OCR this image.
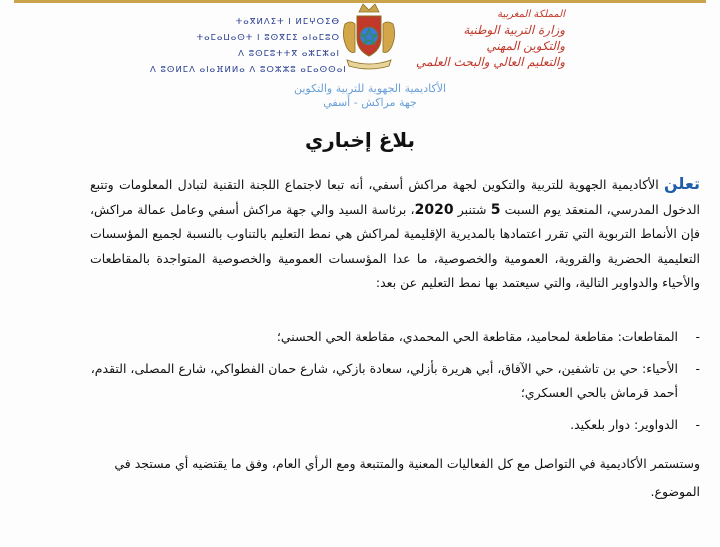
ⵜⴰⴳⵍⴷⵉⵜ ⵏ ⵍⵎⵖⵔⵉⴱ
ⵜⴰⵎⴰⵡⴰⵙⵜ ⵏ ⵓⵙⴳⵎⵉ ⴰⵏⴰⵎⵓⵔ
ⴷ ⵓⵙⵎⵓⵜⵜⴳ ⴰⵣⵎⵣⴰⵏ
ⴷ ⵓⵙⵍⵎⴷ ⴰⵏⴰⴼⵍⵍⴰ ⴷ ⵓⵔⵣⵣⵓ ⴰⵎⴰⵙⵙⴰⵏ
المملكة المغربية
وزارة التربية الوطنية
والتكوين المهني
والتعليم العالي والبحث العلمي
الأكاديمية الجهوية للتربية والتكوين
جهة مراكش - أسفي
بلاغ إخباري

تعلن الأكاديمية الجهوية للتربية والتكوين لجهة مراكش أسفي، أنه تبعا لاجتماع اللجنة التقنية لتبادل المعلومات وتتبع الدخول المدرسي، المنعقد يوم السبت 5 شتنبر 2020، برئاسة السيد والي جهة مراكش أسفي وعامل عمالة مراكش، فإن الأنماط التربوية التي تقرر اعتمادها بالمديرية الإقليمية لمراكش هي نمط التعليم بالتناوب بالنسبة لجميع المؤسسات التعليمية الحضرية والقروية، العمومية والخصوصية، ما عدا المؤسسات العمومية والخصوصية المتواجدة بالمقاطعات والأحياء والدواوير التالية، والتي سيعتمد بها نمط التعليم عن بعد:

- المقاطعات: مقاطعة لمحاميد، مقاطعة الحي المحمدي، مقاطعة الحي الحسني؛
- الأحياء: حي بن تاشفين، حي الآفاق، أبي هريرة بأزلي، سعادة بازكي، شارع حمان الفطواكي، شارع المصلى، التقدم، أحمد قرماش بالحي العسكري؛
- الدواوير: دوار بلعكيد.
وستستمر الأكاديمية في التواصل مع كل الفعاليات المعنية والمتتبعة ومع الرأي العام، وفق ما يقتضيه أي مستجد في الموضوع.
